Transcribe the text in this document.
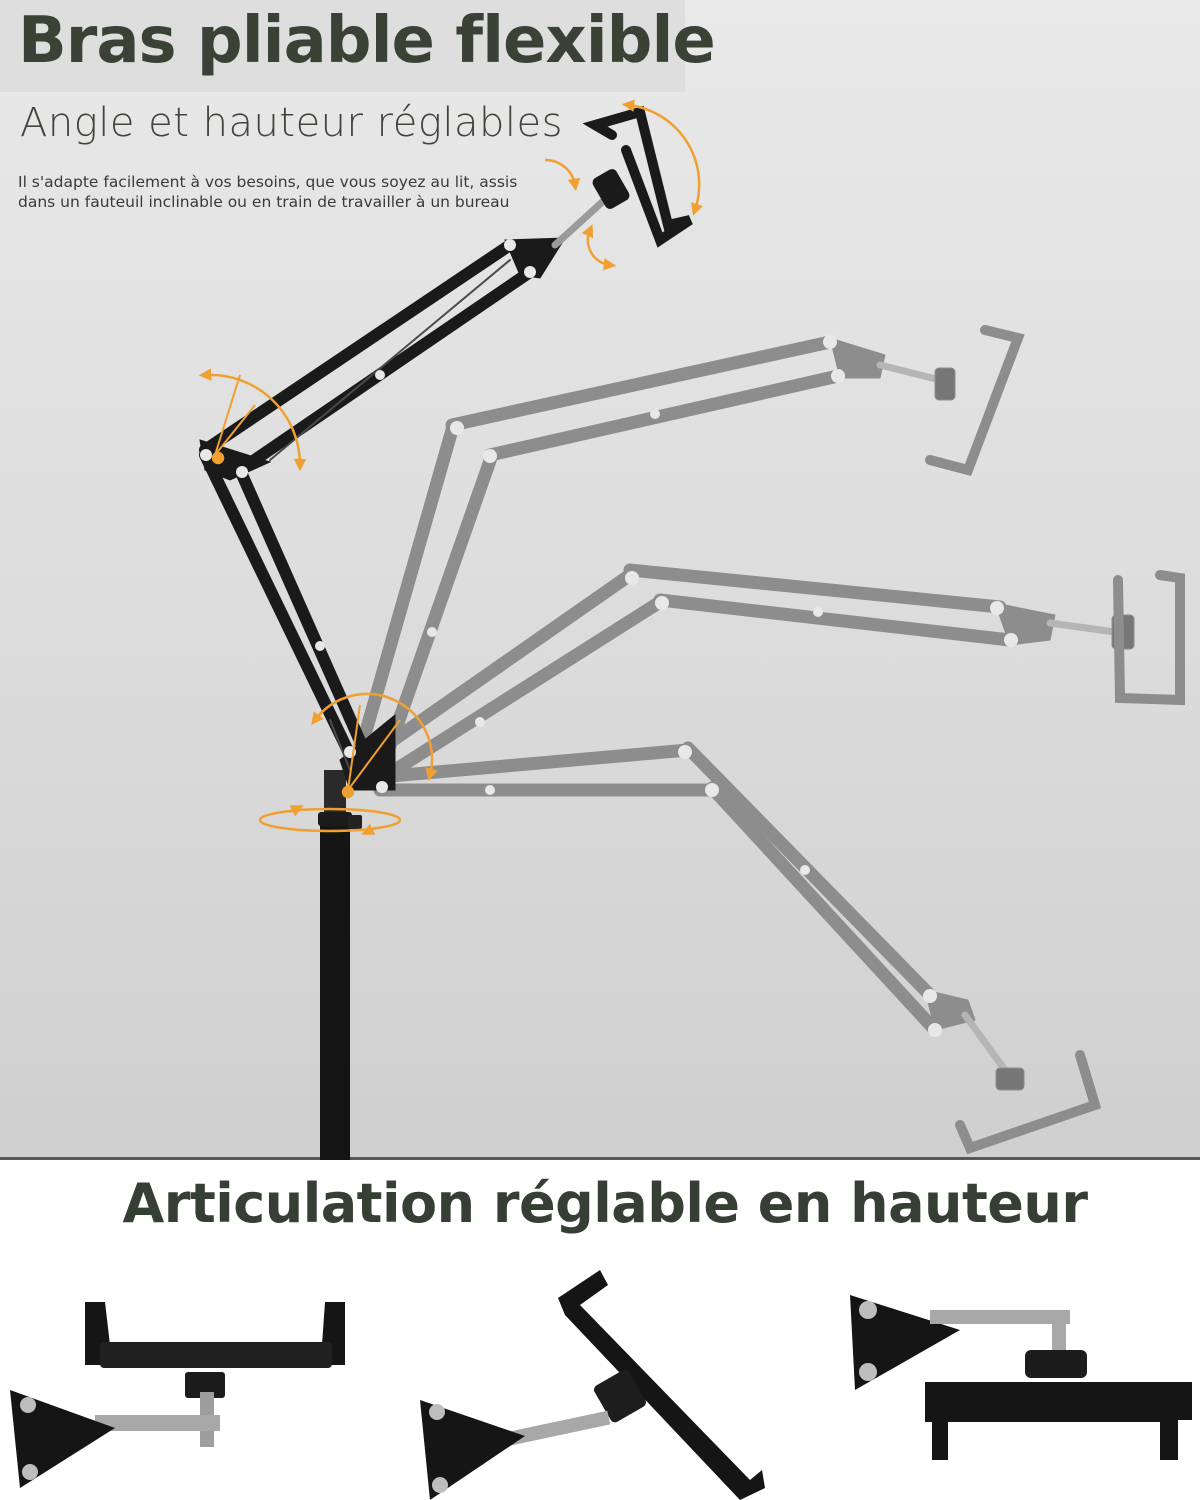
Bras pliable flexible

Angle et hauteur réglables

Il s'adapte facilement à vos besoins, que vous soyez au lit, assis dans un fauteuil inclinable ou en train de travailler à un bureau

Articulation réglable en hauteur
